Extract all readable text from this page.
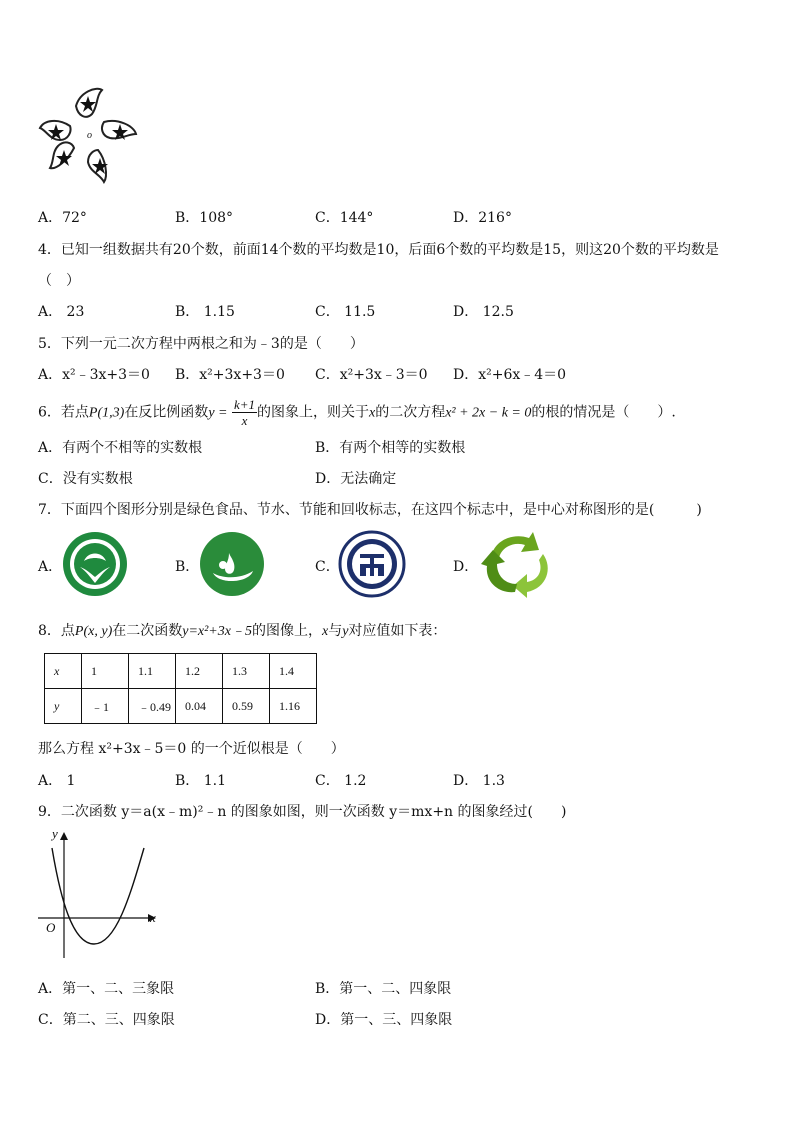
o
A．72°	B．108°	C．144°	D．216°
4．已知一组数据共有20个数，前面14个数的平均数是10，后面6个数的平均数是15，则这20个数的平均数是
（　）
A． 23	B． 1.15	C． 11.5	D． 12.5
5．下列一元二次方程中两根之和为﹣3的是（　　）
A．x²﹣3x+3＝0 B．x²+3x+3＝0 C．x²+3x﹣3＝0 D．x²+6x﹣4＝0
6．若点P(1,3)在反比例函数$y = \frac{k+1}{x}$ 的图象上，则关于x的二次方程x² + 2x − k = 0的根的情况是（　　）.
A．有两个不相等的实数根	B．有两个相等的实数根
C．没有实数根	D．无法确定
7．下面四个图形分别是绿色食品、节水、节能和回收标志，在这四个标志中，是中心对称图形的是(　　　)
A．	B．	C．	D．
8．点P(x, y)在二次函数y=x²+3x﹣5的图像上，x与y对应值如下表：
x	1	1.1	1.2	1.3	1.4
y	﹣1	﹣0.49	0.04	0.59	1.16
那么方程 x²+3x﹣5＝0 的一个近似根是（　　）
A． 1	B． 1.1	C． 1.2	D． 1.3
9．二次函数 y＝a(x﹣m)²﹣n 的图象如图，则一次函数 y＝mx+n 的图象经过(　　)
y
x
O
A．第一、二、三象限	B．第一、二、四象限
C．第二、三、四象限	D．第一、三、四象限
